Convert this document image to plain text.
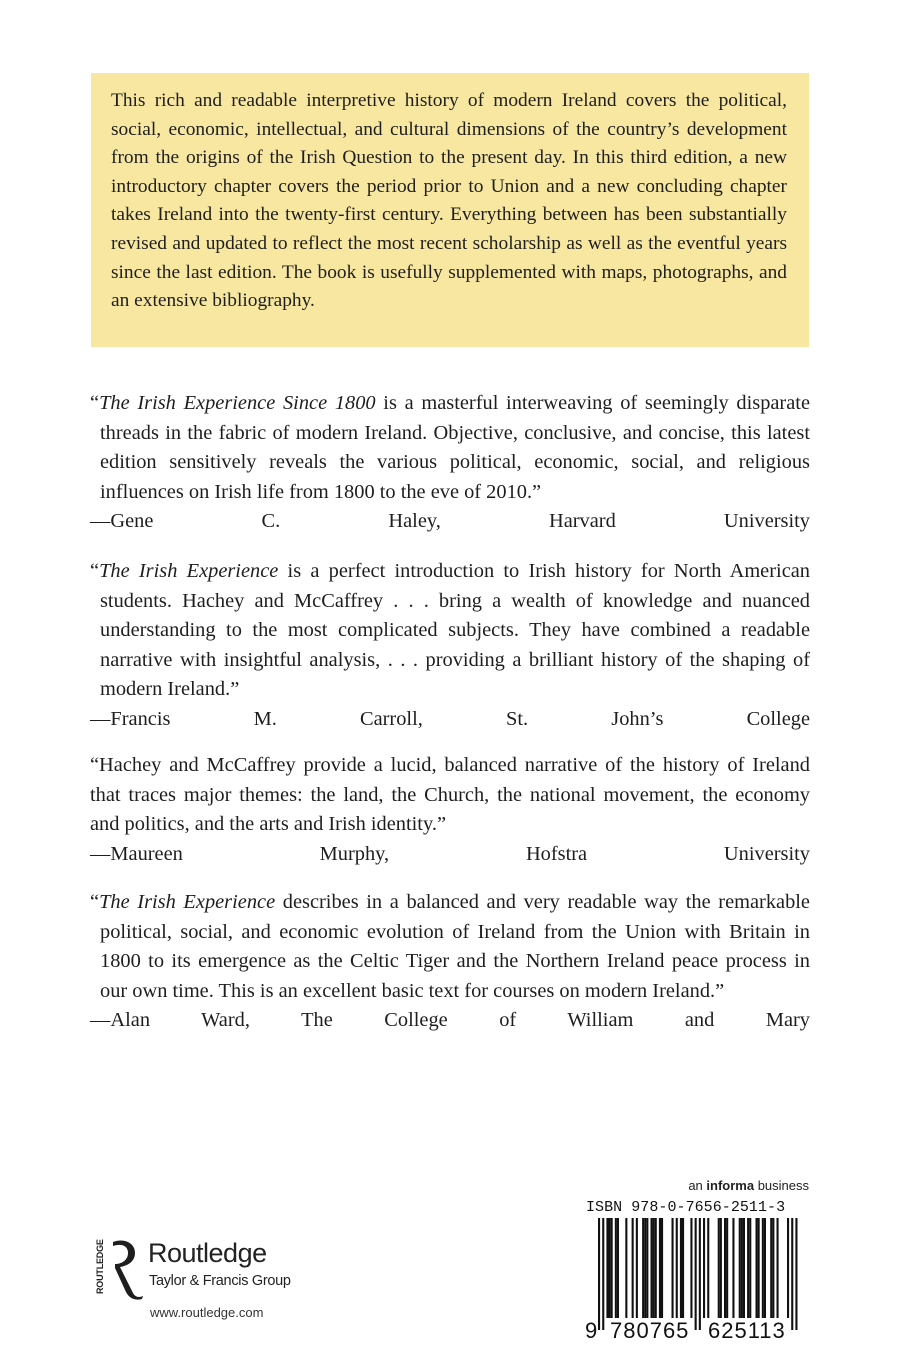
This rich and readable interpretive history of modern Ireland covers the political, social, economic, intellectual, and cultural dimensions of the country’s development from the origins of the Irish Question to the present day. In this third edition, a new introductory chapter covers the period prior to Union and a new concluding chapter takes Ireland into the twenty-first century. Everything between has been substantially revised and updated to reflect the most recent scholarship as well as the eventful years since the last edition. The book is usefully supplemented with maps, photographs, and an extensive bibliography.

“The Irish Experience Since 1800 is a masterful interweaving of seemingly disparate threads in the fabric of modern Ireland. Objective, conclusive, and concise, this latest edition sensitively reveals the various political, economic, social, and religious influences on Irish life from 1800 to the eve of 2010.”

—Gene C. Haley, Harvard University

“The Irish Experience is a perfect introduction to Irish history for North American students. Hachey and McCaffrey . . . bring a wealth of knowledge and nuanced understanding to the most complicated subjects. They have combined a readable narrative with insightful analysis, . . . providing a brilliant history of the shaping of modern Ireland.”

—Francis M. Carroll, St. John’s College

“Hachey and McCaffrey provide a lucid, balanced narrative of the history of Ireland that traces major themes: the land, the Church, the national movement, the economy and politics, and the arts and Irish identity.”

—Maureen Murphy, Hofstra University

“The Irish Experience describes in a balanced and very readable way the remarkable political, social, and economic evolution of Ireland from the Union with Britain in 1800 to its emergence as the Celtic Tiger and the Northern Ireland peace process in our own time. This is an excellent basic text for courses on modern Ireland.”

—Alan Ward, The College of William and Mary

ROUTLEDGE Routledge
Taylor & Francis Group
www.routledge.com
an informa business
ISBN 978-0-7656-2511-3
9 780765 625113
